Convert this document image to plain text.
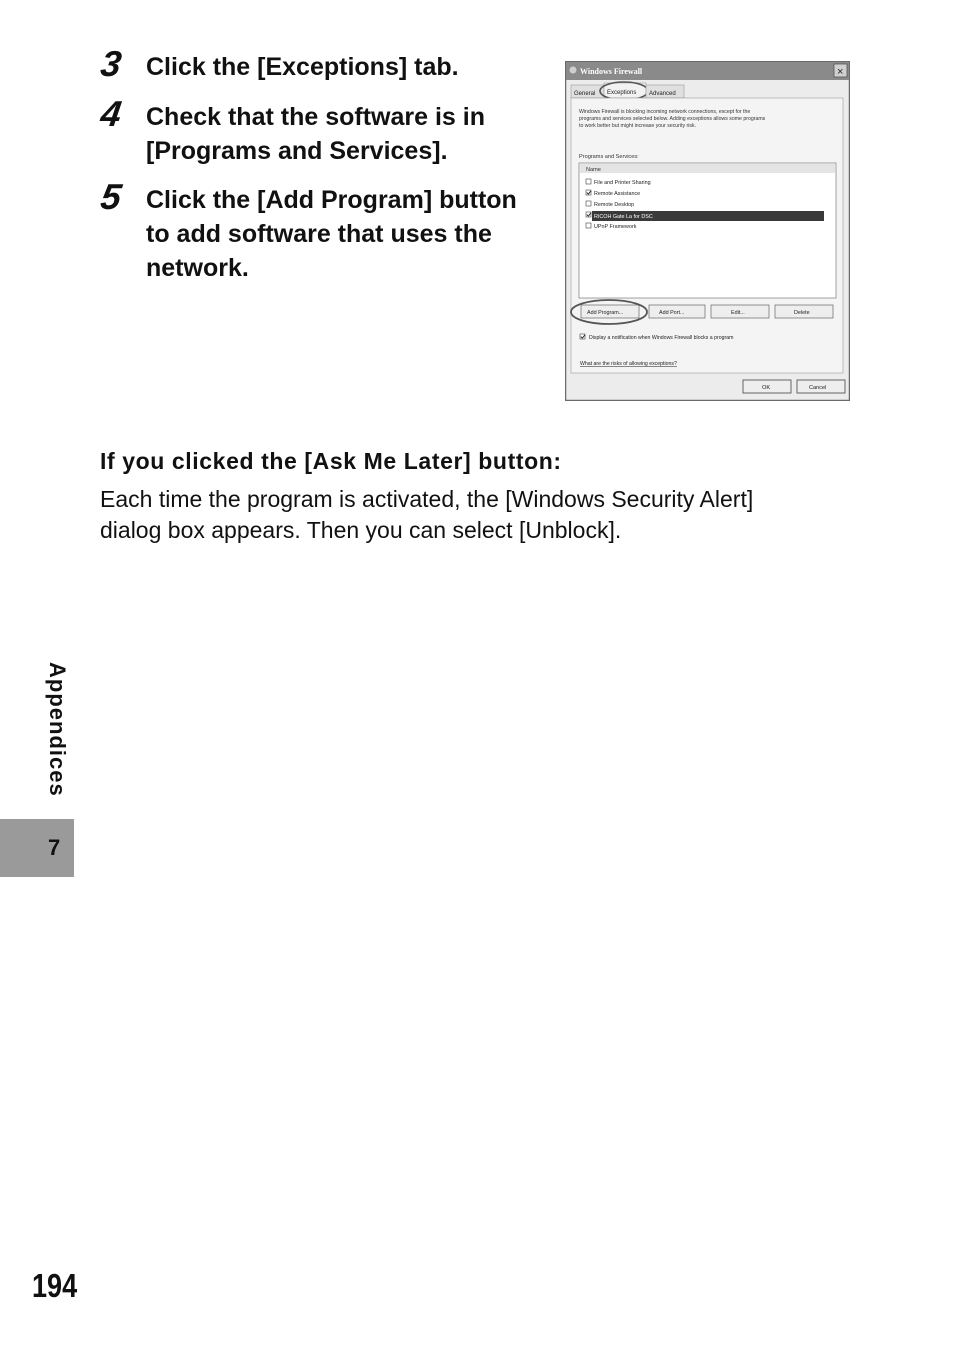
3 Click the [Exceptions] tab.
4 Check that the software is in
[Programs and Services].
5 Click the [Add Program] button
to add software that uses the
network.
Windows Firewall	×
General Exceptions Advanced
Windows Firewall is blocking incoming network connections, except for the
programs and services selected below. Adding exceptions allows some programs
to work better but might increase your security risk.
Programs and Services:
Name
File and Printer Sharing
Remote Assistance
Remote Desktop
RICOH Gate La for DSC
UPnP Framework
Add Program...	Add Port...	Edit...	Delete
Display a notification when Windows Firewall blocks a program
What are the risks of allowing exceptions?
OK	Cancel
If you clicked the [Ask Me Later] button:
Each time the program is activated, the [Windows Security Alert]
dialog box appears. Then you can select [Unblock].
Appendices
7
194
